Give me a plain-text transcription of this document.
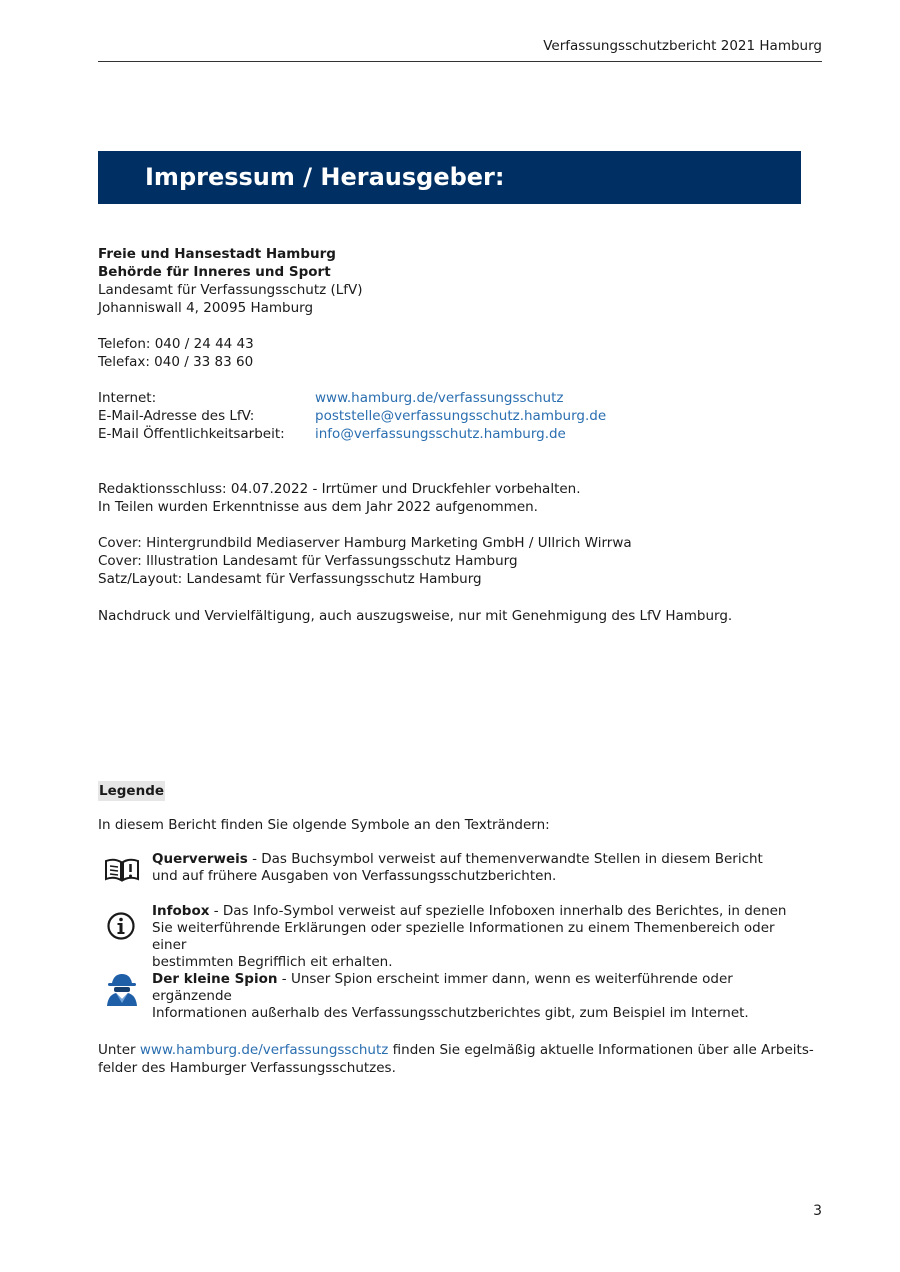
Verfassungsschutzbericht 2021 Hamburg
Impressum / Herausgeber:
Freie und Hansestadt Hamburg
Behörde für Inneres und Sport
Landesamt für Verfassungsschutz (LfV)
Johanniswall 4, 20095 Hamburg
Telefon: 040 / 24 44 43
Telefax: 040 / 33 83 60
Internet:	www.hamburg.de/verfassungsschutz
E-Mail-Adresse des LfV:	poststelle@verfassungsschutz.hamburg.de
E-Mail Öffentlichkeitsarbeit: info@verfassungsschutz.hamburg.de
Redaktionsschluss: 04.07.2022 - Irrtümer und Druckfehler vorbehalten.
In Teilen wurden Erkenntnisse aus dem Jahr 2022 aufgenommen.
Cover: Hintergrundbild Mediaserver Hamburg Marketing GmbH / Ullrich Wirrwa
Cover: Illustration Landesamt für Verfassungsschutz Hamburg
Satz/Layout: Landesamt für Verfassungsschutz Hamburg
Nachdruck und Vervielfältigung, auch auszugsweise, nur mit Genehmigung des LfV Hamburg.
Legende
In diesem Bericht finden Sie olgende Symbole an den Texträndern:
Querverweis - Das Buchsymbol verweist auf themenverwandte Stellen in diesem Bericht
und auf frühere Ausgaben von Verfassungsschutzberichten.
Infobox - Das Info-Symbol verweist auf spezielle Infoboxen innerhalb des Berichtes, in denen
Sie weiterführende Erklärungen oder spezielle Informationen zu einem Themenbereich oder einer
bestimmten Begrifflich eit erhalten.
Der kleine Spion - Unser Spion erscheint immer dann, wenn es weiterführende oder ergänzende
Informationen außerhalb des Verfassungsschutzberichtes gibt, zum Beispiel im Internet.
Unter www.hamburg.de/verfassungsschutz finden Sie egelmäßig aktuelle Informationen über alle Arbeits-
felder des Hamburger Verfassungsschutzes.
3
